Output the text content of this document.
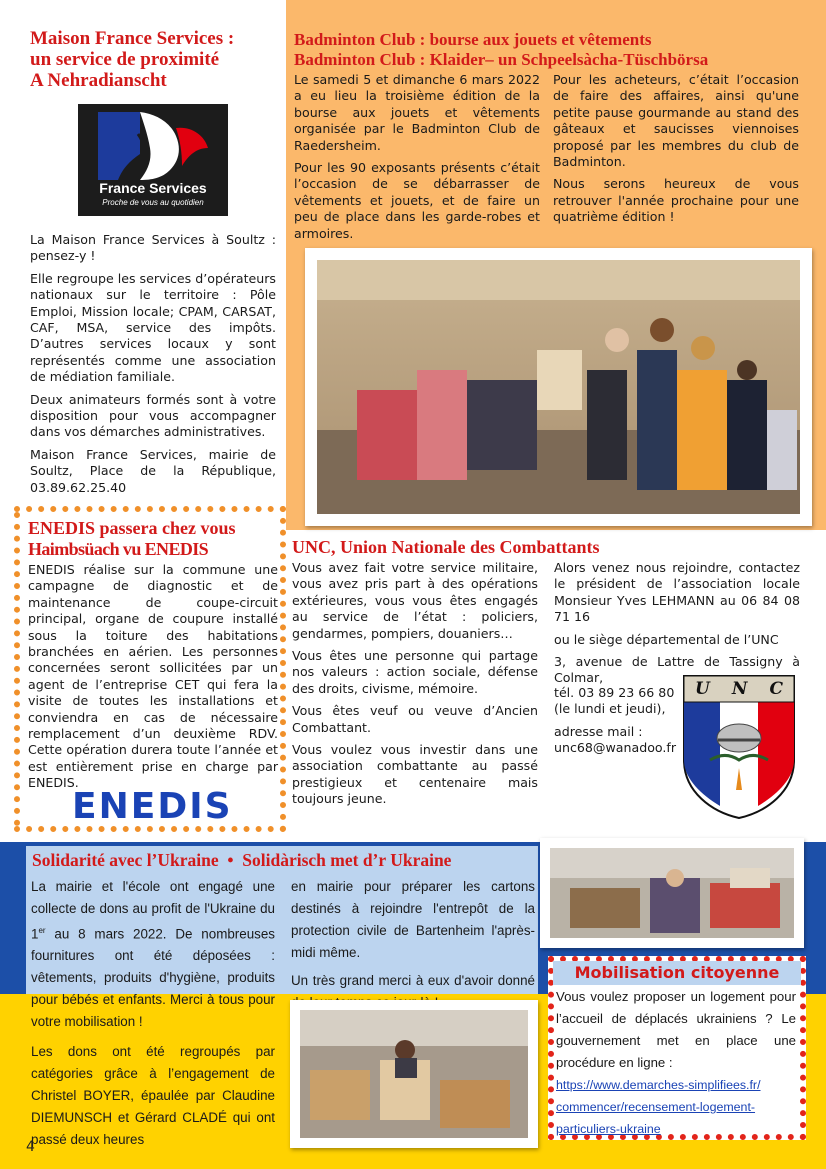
Maison France Services :
un service de proximité
A Nehradianscht
France Services
Proche de vous au quotidien

La Maison France Services à Soultz : pensez-y !

Elle regroupe les services d’opérateurs nationaux sur le territoire : Pôle Emploi, Mission locale; CPAM, CARSAT, CAF, MSA, service des impôts. D’autres services locaux y sont représentés comme une association de médiation familiale.

Deux animateurs formés sont à votre disposition pour vous accompagner dans vos démarches administratives.

Maison France Services, mairie de Soultz, Place de la République, 03.89.62.25.40

Badminton Club : bourse aux jouets et vêtements
Badminton Club : Klaider– un Schpeelsàcha-Tüschbörsa

Le samedi 5 et dimanche 6 mars 2022 a eu lieu la troisième édition de la bourse aux jouets et vêtements organisée par le Badminton Club de Raedersheim.

Pour les 90 exposants présents c’était l’occasion de se débarrasser de vêtements et jouets, et de faire un peu de place dans les garde-robes et armoires.

Pour les acheteurs, c’était l’occasion de faire des affaires, ainsi qu'une petite pause gourmande au stand des gâteaux et saucisses viennoises proposé par les membres du club de Badminton.

Nous serons heureux de vous retrouver l'année prochaine pour une quatrième édition !

ENEDIS passera chez vous
Haimbsüach vu ENEDIS
ENEDIS réalise sur la commune une campagne de diagnostic et de maintenance de coupe-circuit principal, organe de coupure installé sous la toiture des habitations branchées en aérien. Les personnes concernées seront sollicitées par un agent de l’entreprise CET qui fera la visite de toutes les installations et conviendra en cas de nécessaire remplacement d’un deuxième RDV. Cette opération durera toute l’année et est entièrement prise en charge par ENEDIS.
ENEDIS
UNC, Union Nationale des Combattants

Vous avez fait votre service militaire, vous avez pris part à des opérations extérieures, vous vous êtes engagés au service de l’état : policiers, gendarmes, pompiers, douaniers…

Vous êtes une personne qui partage nos valeurs : action sociale, défense des droits, civisme, mémoire.

Vous êtes veuf ou veuve d’Ancien Combattant.

Vous voulez vous investir dans une association combattante au passé prestigieux et centenaire mais toujours jeune.

Alors venez nous rejoindre, contactez le président de l’association locale Monsieur Yves LEHMANN au 06 84 08 71 16

ou le siège départemental de l’UNC

3, avenue de Lattre de Tassigny à Colmar,

tél. 03 89 23 66 80 (le lundi et jeudi),

adresse mail :

unc68@wanadoo.fr

U N C
Solidarité avec l’Ukraine  •  Solidàrisch met d’r Ukraine

La mairie et l'école ont engagé une collecte de dons au profit de l'Ukraine du 1er au 8 mars 2022. De nombreuses fournitures ont été déposées : vêtements, produits d'hygiène, produits pour bébés et enfants. Merci à tous pour votre mobilisation !

Les dons ont été regroupés par catégories grâce à l’engagement de Christel BOYER, épaulée par Claudine DIEMUNSCH et Gérard CLADÉ qui ont passé deux heures

en mairie pour préparer les cartons destinés à rejoindre l'entrepôt de la protection civile de Bartenheim l'après-midi même.

Un très grand merci à eux d'avoir donné	Mobilisation citoyenne
Vous voulez proposer un logement pour l’accueil de déplacés ukrainiens ? Le gouvernement met en place une procédure en ligne :
https://www.demarches-simplifiees.fr/
commencer/recensement-logement-
particuliers-ukraine
4
